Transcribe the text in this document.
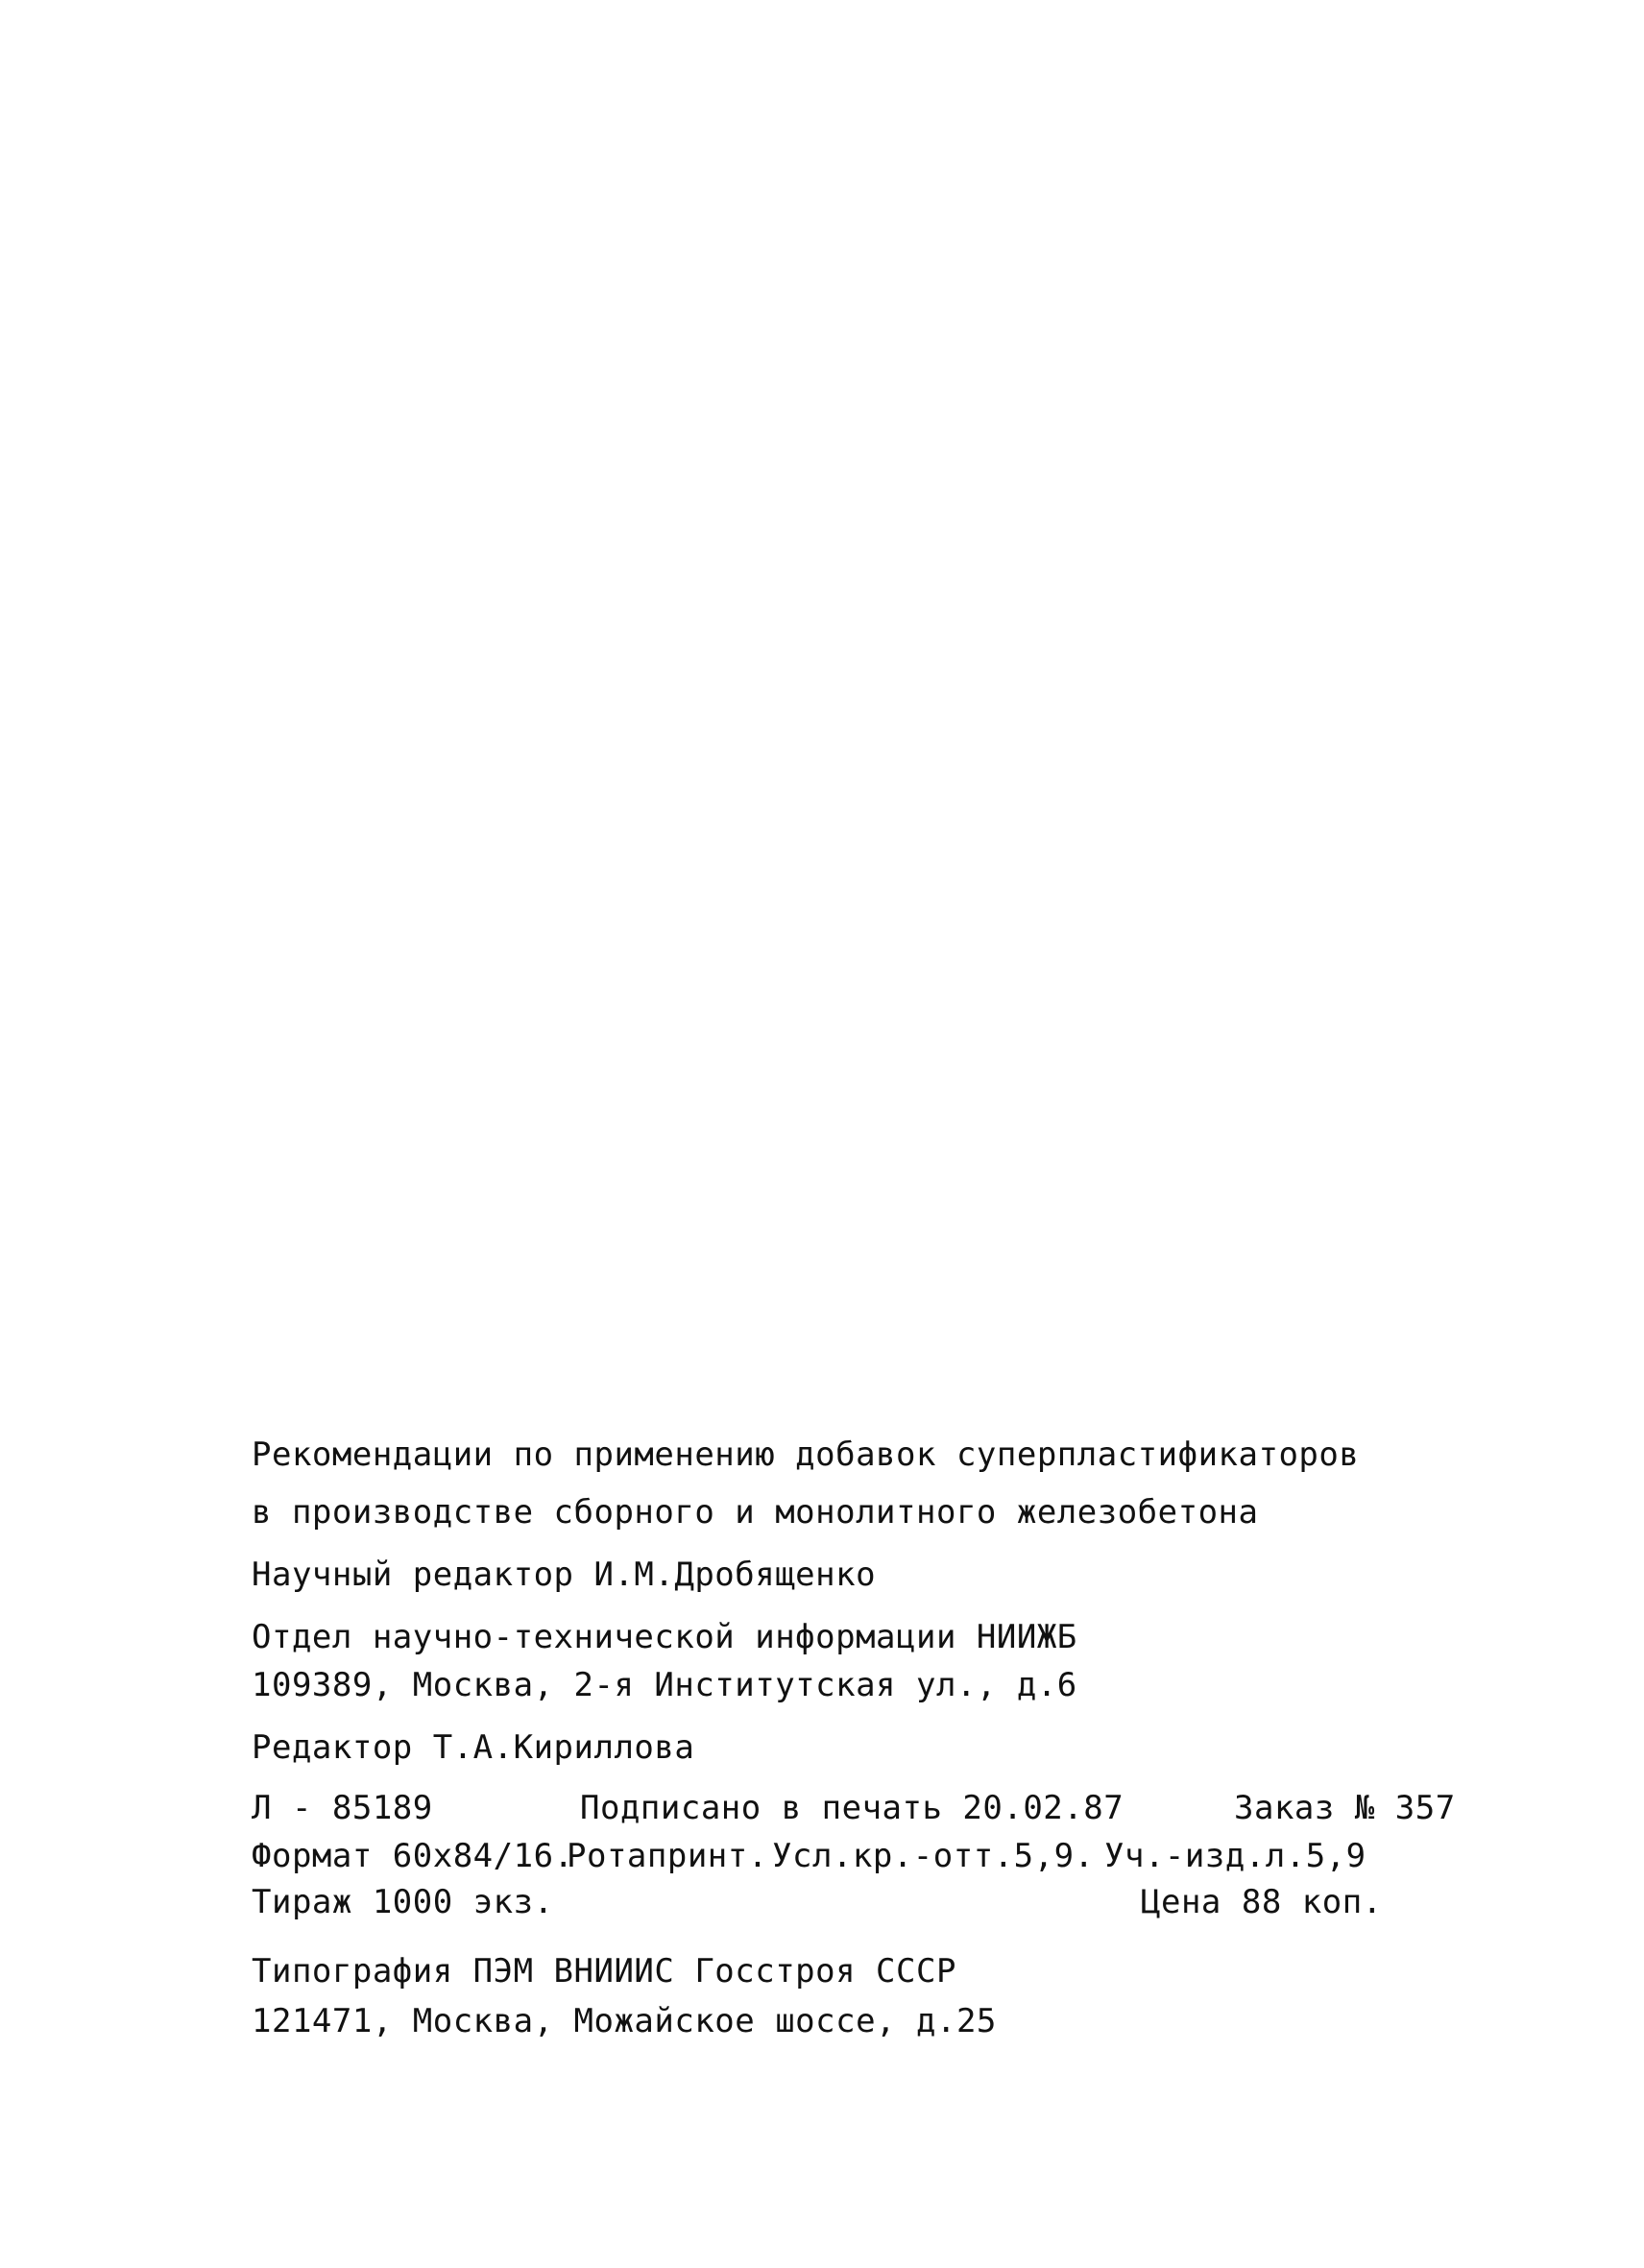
Рекомендации по применению добавок суперпластификаторов
в производстве сборного и монолитного железобетона
Научный редактор И.М.Дробященко
Отдел научно-технической информации НИИЖБ
109389, Москва, 2-я Институтская ул., д.6
Редактор Т.А.Кириллова
Л - 85189	Подписано в печать 20.02.87	Заказ № 357
Формат 60х84/16.
Ротапринт. Усл.кр.-отт.5,9. Уч.-изд.л.5,9
Тираж 1000 экз.	Цена 88 коп.
Типография ПЭМ ВНИИИС Госстроя СССР
121471, Москва, Можайское шоссе, д.25
